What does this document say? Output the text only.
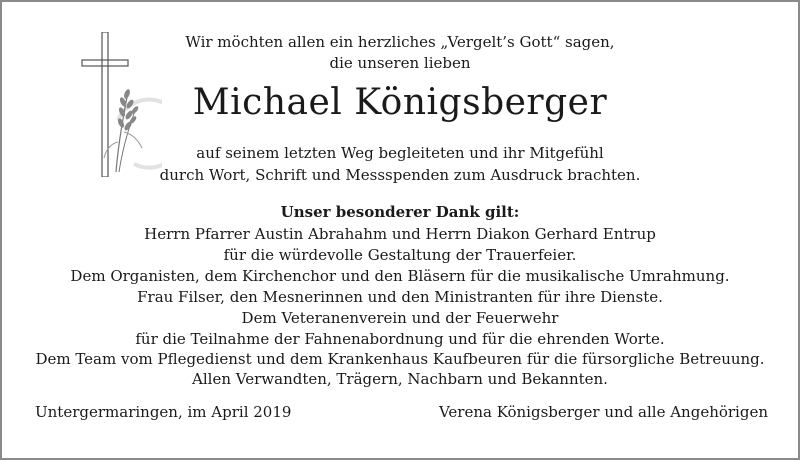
Wir möchten allen ein herzliches „Vergelt’s Gott“ sagen,
die unseren lieben
Michael Königsberger
auf seinem letzten Weg begleiteten und ihr Mitgefühl
durch Wort, Schrift und Messspenden zum Ausdruck brachten.
Unser besonderer Dank gilt:
Herrn Pfarrer Austin Abrahahm und Herrn Diakon Gerhard Entrup
für die würdevolle Gestaltung der Trauerfeier.
Dem Organisten, dem Kirchenchor und den Bläsern für die musikalische Umrahmung.
Frau Filser, den Mesnerinnen und den Ministranten für ihre Dienste.
Dem Veteranenverein und der Feuerwehr
für die Teilnahme der Fahnenabordnung und für die ehrenden Worte.
Dem Team vom Pflegedienst und dem Krankenhaus Kaufbeuren für die fürsorgliche Betreuung.
Allen Verwandten, Trägern, Nachbarn und Bekannten.
Untergermaringen, im April 2019	Verena Königsberger und alle Angehörigen
